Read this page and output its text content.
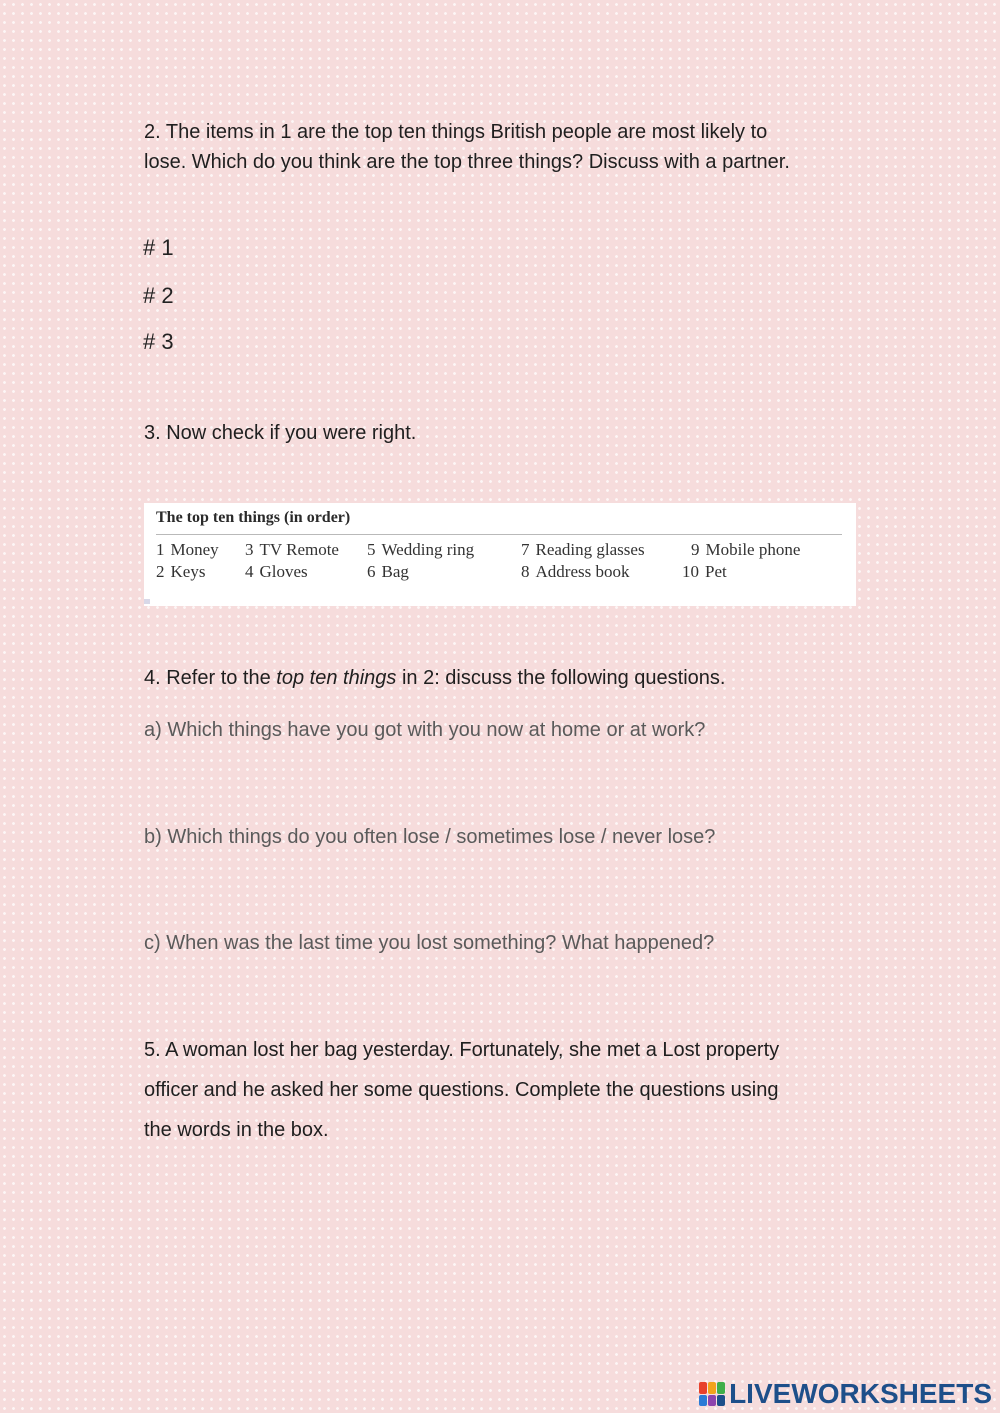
2. The items in 1 are the top ten things British people are most likely to
lose. Which do you think are the top three things? Discuss with a partner.
# 1
# 2
# 3
3. Now check if you were right.
The top ten things (in order)
1 Money
2 Keys
3 TV Remote
4 Gloves
5 Wedding ring
6 Bag
7 Reading glasses
8 Address book
9 Mobile phone
10 Pet
4. Refer to the top ten things in 2: discuss the following questions.
a) Which things have you got with you now at home or at work?
b) Which things do you often lose / sometimes lose / never lose?
c) When was the last time you lost something? What happened?
5. A woman lost her bag yesterday. Fortunately, she met a Lost property
officer and he asked her some questions. Complete the questions using
the words in the box.
LIVEWORKSHEETS
